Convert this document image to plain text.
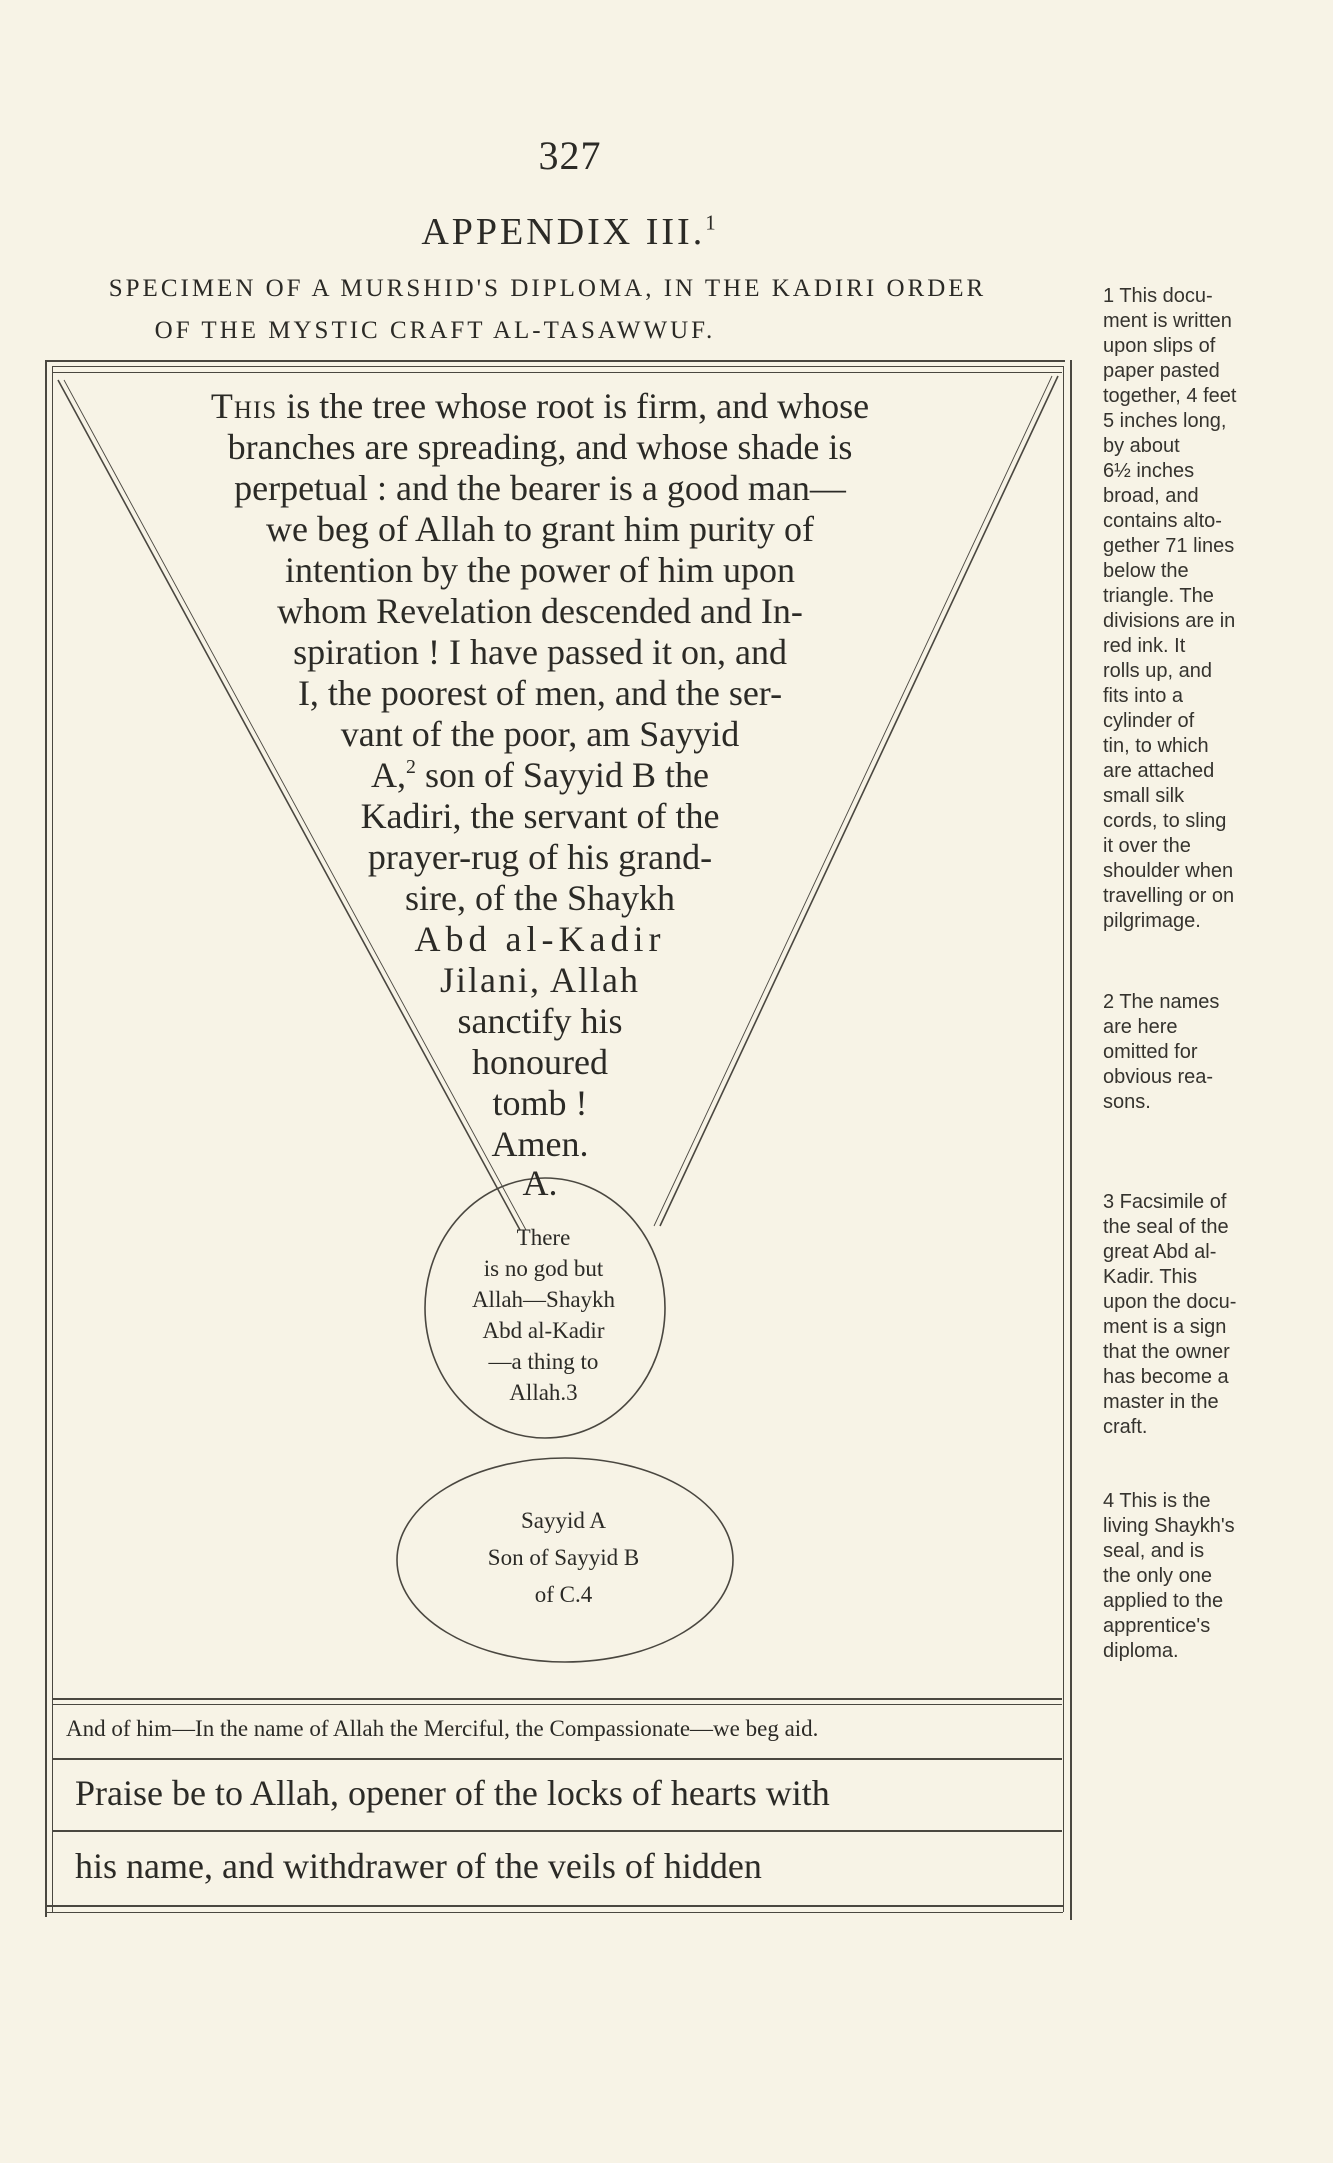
327
APPENDIX III.$^1$
SPECIMEN OF A MURSHID'S DIPLOMA, IN THE KADIRI ORDER
OF THE MYSTIC CRAFT AL-TASAWWUF.
This is the tree whose root is firm, and whose
branches are spreading, and whose shade is
perpetual : and the bearer is a good man—
we beg of Allah to grant him purity of
intention by the power of him upon
whom Revelation descended and In-
spiration ! I have passed it on, and
I, the poorest of men, and the ser-
vant of the poor, am Sayyid
A,$^2$ son of Sayyid B the
Kadiri, the servant of the
prayer-rug of his grand-
sire, of the Shaykh
Abd al-Kadir
Jilani, Allah
sanctify his
honoured
tomb !
Amen.
A.
There
is no god but
Allah—Shaykh
Abd al-Kadir
—a thing to
Allah.3
Sayyid A
Son of Sayyid B
of C.4
And of him—In the name of Allah the Merciful, the Compassionate—we beg aid.
Praise be to Allah, opener of the locks of hearts with
his name, and withdrawer of the veils of hidden
1 This docu-
ment is written
upon slips of
paper pasted
together, 4 feet
5 inches long,
by about
6½ inches
broad, and
contains alto-
gether 71 lines
below the
triangle. The
divisions are in
red ink. It
rolls up, and
fits into a
cylinder of
tin, to which
are attached
small silk
cords, to sling
it over the
shoulder when
travelling or on
pilgrimage.
2 The names
are here
omitted for
obvious rea-
sons.
3 Facsimile of
the seal of the
great Abd al-
Kadir. This
upon the docu-
ment is a sign
that the owner
has become a
master in the
craft.
4 This is the
living Shaykh's
seal, and is
the only one
applied to the
apprentice's
diploma.
